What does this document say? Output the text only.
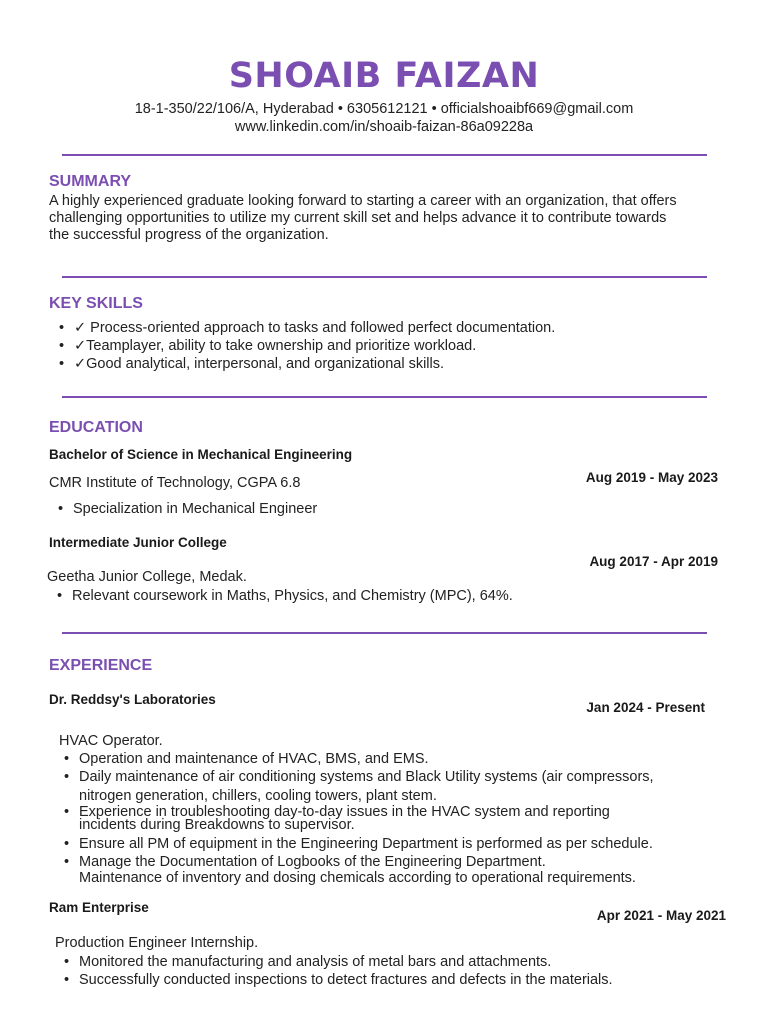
SHOAIB FAIZAN
18-1-350/22/106/A, Hyderabad • 6305612121 • officialshoaibf669@gmail.com
www.linkedin.com/in/shoaib-faizan-86a09228a
SUMMARY
A highly experienced graduate looking forward to starting a career with an organization, that offers
challenging opportunities to utilize my current skill set and helps advance it to contribute towards
the successful progress of the organization.
KEY SKILLS
• ✓ Process-oriented approach to tasks and followed perfect documentation.
• ✓Teamplayer, ability to take ownership and prioritize workload.
• ✓Good analytical, interpersonal, and organizational skills.
EDUCATION
Bachelor of Science in Mechanical Engineering
Aug 2019 - May 2023
CMR Institute of Technology, CGPA 6.8
• Specialization in Mechanical Engineer
Intermediate Junior College
Aug 2017 - Apr 2019
Geetha Junior College, Medak.
• Relevant coursework in Maths, Physics, and Chemistry (MPC), 64%.
EXPERIENCE
Dr. Reddsy's Laboratories
Jan 2024 - Present
HVAC Operator.
• Operation and maintenance of HVAC, BMS, and EMS.
• Daily maintenance of air conditioning systems and Black Utility systems (air compressors,
nitrogen generation, chillers, cooling towers, plant stem.
• Experience in troubleshooting day-to-day issues in the HVAC system and reporting
incidents during Breakdowns to supervisor.
• Ensure all PM of equipment in the Engineering Department is performed as per schedule.
• Manage the Documentation of Logbooks of the Engineering Department.
Maintenance of inventory and dosing chemicals according to operational requirements.
Ram Enterprise
Apr 2021 - May 2021
Production Engineer Internship.
• Monitored the manufacturing and analysis of metal bars and attachments.
• Successfully conducted inspections to detect fractures and defects in the materials.
